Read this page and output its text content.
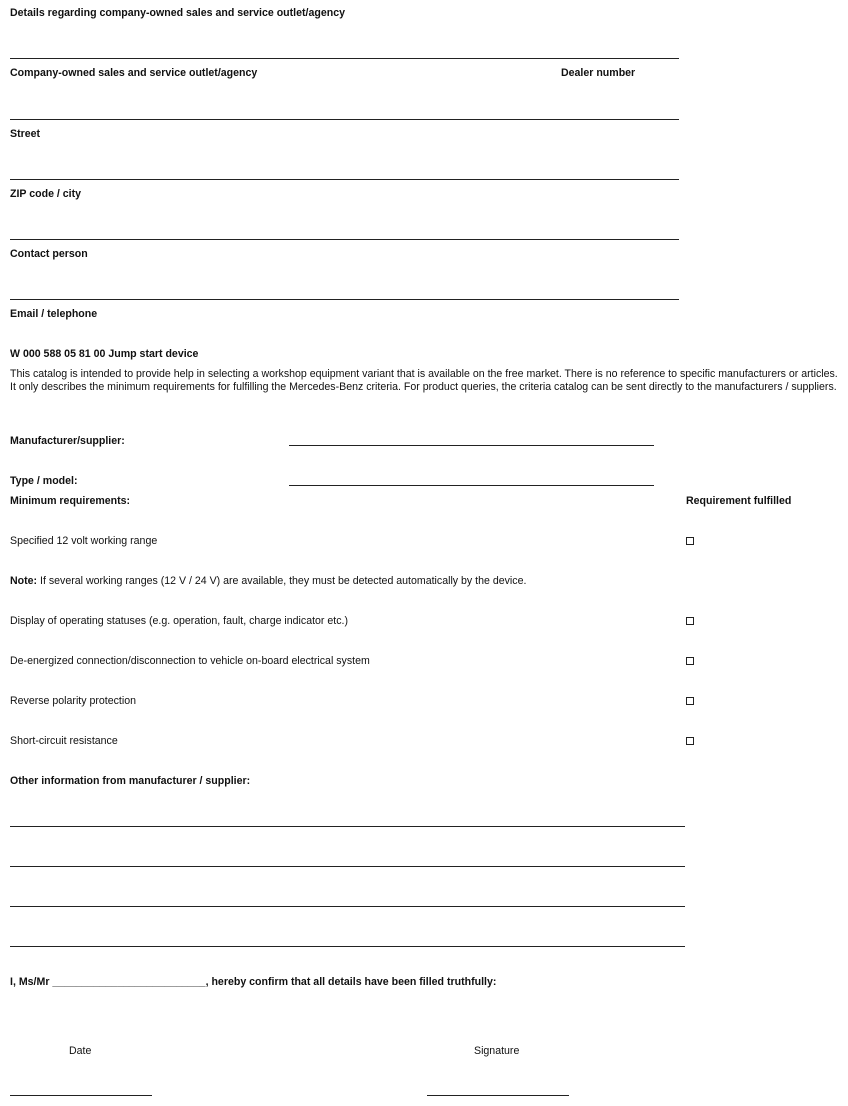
Details regarding company-owned sales and service outlet/agency
Company-owned sales and service outlet/agency	Dealer number
Street
ZIP code / city
Contact person
Email / telephone
W 000 588 05 81 00 Jump start device
This catalog is intended to provide help in selecting a workshop equipment variant that is available on the free market. There is no reference to specific manufacturers or articles. It only describes the minimum requirements for fulfilling the Mercedes-Benz criteria. For product queries, the criteria catalog can be sent directly to the manufacturers / suppliers.
Manufacturer/supplier:
Type / model:
Minimum requirements:	Requirement fulfilled
Specified 12 volt working range
Note: If several working ranges (12 V / 24 V) are available, they must be detected automatically by the device.
Display of operating statuses (e.g. operation, fault, charge indicator etc.)
De-energized connection/disconnection to vehicle on-board electrical system
Reverse polarity protection
Short-circuit resistance
Other information from manufacturer / supplier:
I, Ms/Mr __________________________, hereby confirm that all details have been filled truthfully:
Date	Signature
